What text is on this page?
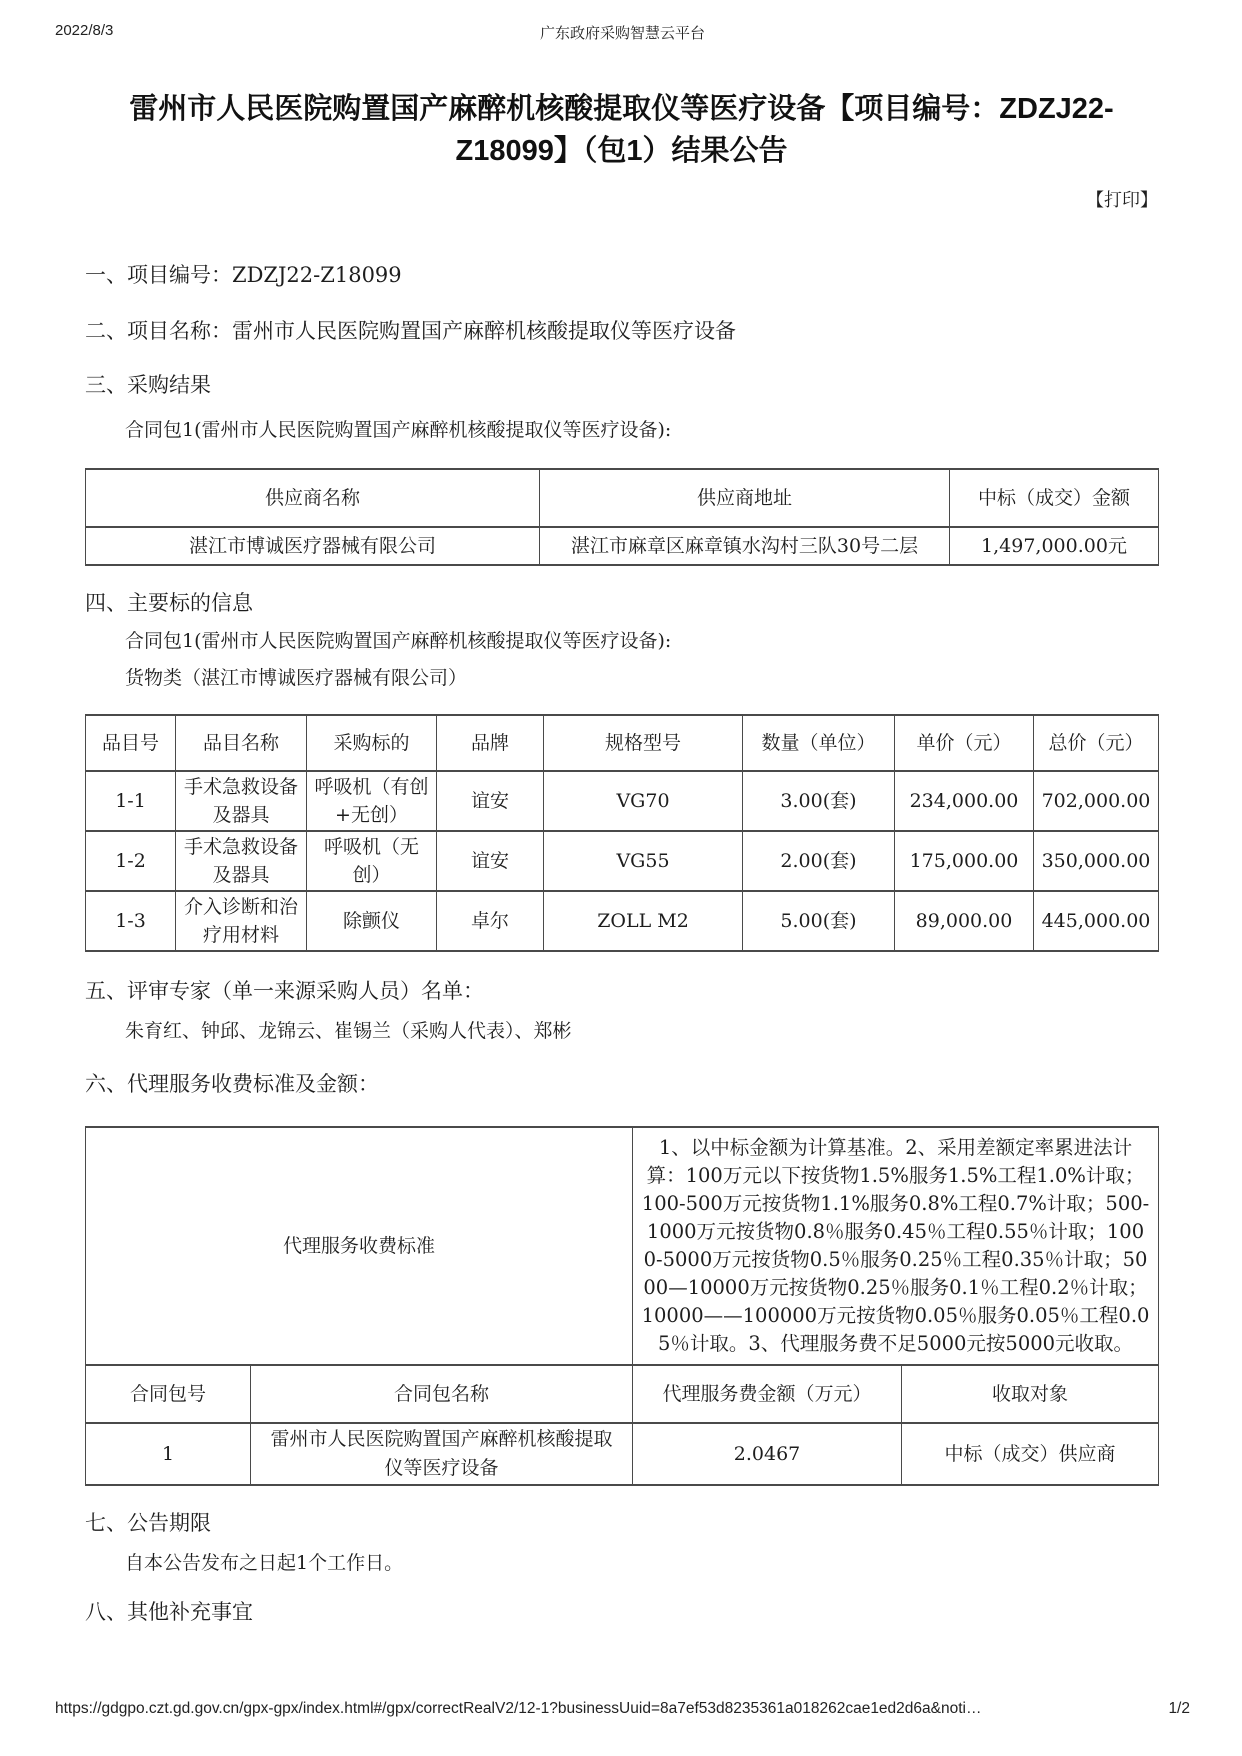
2022/8/3	广东政府采购智慧云平台
雷州市人民医院购置国产麻醉机核酸提取仪等医疗设备【项目编号：ZDZJ22-Z18099】（包1）结果公告
【打印】
一、项目编号：ZDZJ22-Z18099
二、项目名称：雷州市人民医院购置国产麻醉机核酸提取仪等医疗设备
三、采购结果
合同包1(雷州市人民医院购置国产麻醉机核酸提取仪等医疗设备):
供应商名称	供应商地址	中标（成交）金额
湛江市博诚医疗器械有限公司	湛江市麻章区麻章镇水沟村三队30号二层	1,497,000.00元
四、主要标的信息
合同包1(雷州市人民医院购置国产麻醉机核酸提取仪等医疗设备):
货物类（湛江市博诚医疗器械有限公司）
品目号	品目名称	采购标的	品牌	规格型号	数量（单位）	单价（元）	总价（元）
1-1	手术急救设备及器具	呼吸机（有创+无创）	谊安	VG70	3.00(套)	234,000.00	702,000.00
1-2	手术急救设备及器具	呼吸机（无创）	谊安	VG55	2.00(套)	175,000.00	350,000.00
1-3	介入诊断和治疗用材料	除颤仪	卓尔	ZOLL M2	5.00(套)	89,000.00	445,000.00
五、评审专家（单一来源采购人员）名单：
朱育红、钟邱、龙锦云、崔锡兰（采购人代表）、郑彬
六、代理服务收费标准及金额：
代理服务收费标准		1、以中标金额为计算基准。2、采用差额定率累进法计算：100万元以下按货物1.5%服务1.5%工程1.0%计取；100-500万元按货物1.1%服务0.8%工程0.7%计取；500-1000万元按货物0.8％服务0.45％工程0.55％计取；1000-5000万元按货物0.5％服务0.25％工程0.35％计取；5000—10000万元按货物0.25％服务0.1％工程0.2％计取；10000——100000万元按货物0.05％服务0.05％工程0.05％计取。3、代理服务费不足5000元按5000元收取。	
合同包号	合同包名称	代理服务费金额（万元）	收取对象
1	雷州市人民医院购置国产麻醉机核酸提取仪等医疗设备	2.0467	中标（成交）供应商
七、公告期限
自本公告发布之日起1个工作日。
八、其他补充事宜
https://gdgpo.czt.gd.gov.cn/gpx-gpx/index.html#/gpx/correctRealV2/12-1?businessUuid=8a7ef53d8235361a018262cae1ed2d6a&noti…	1/2
